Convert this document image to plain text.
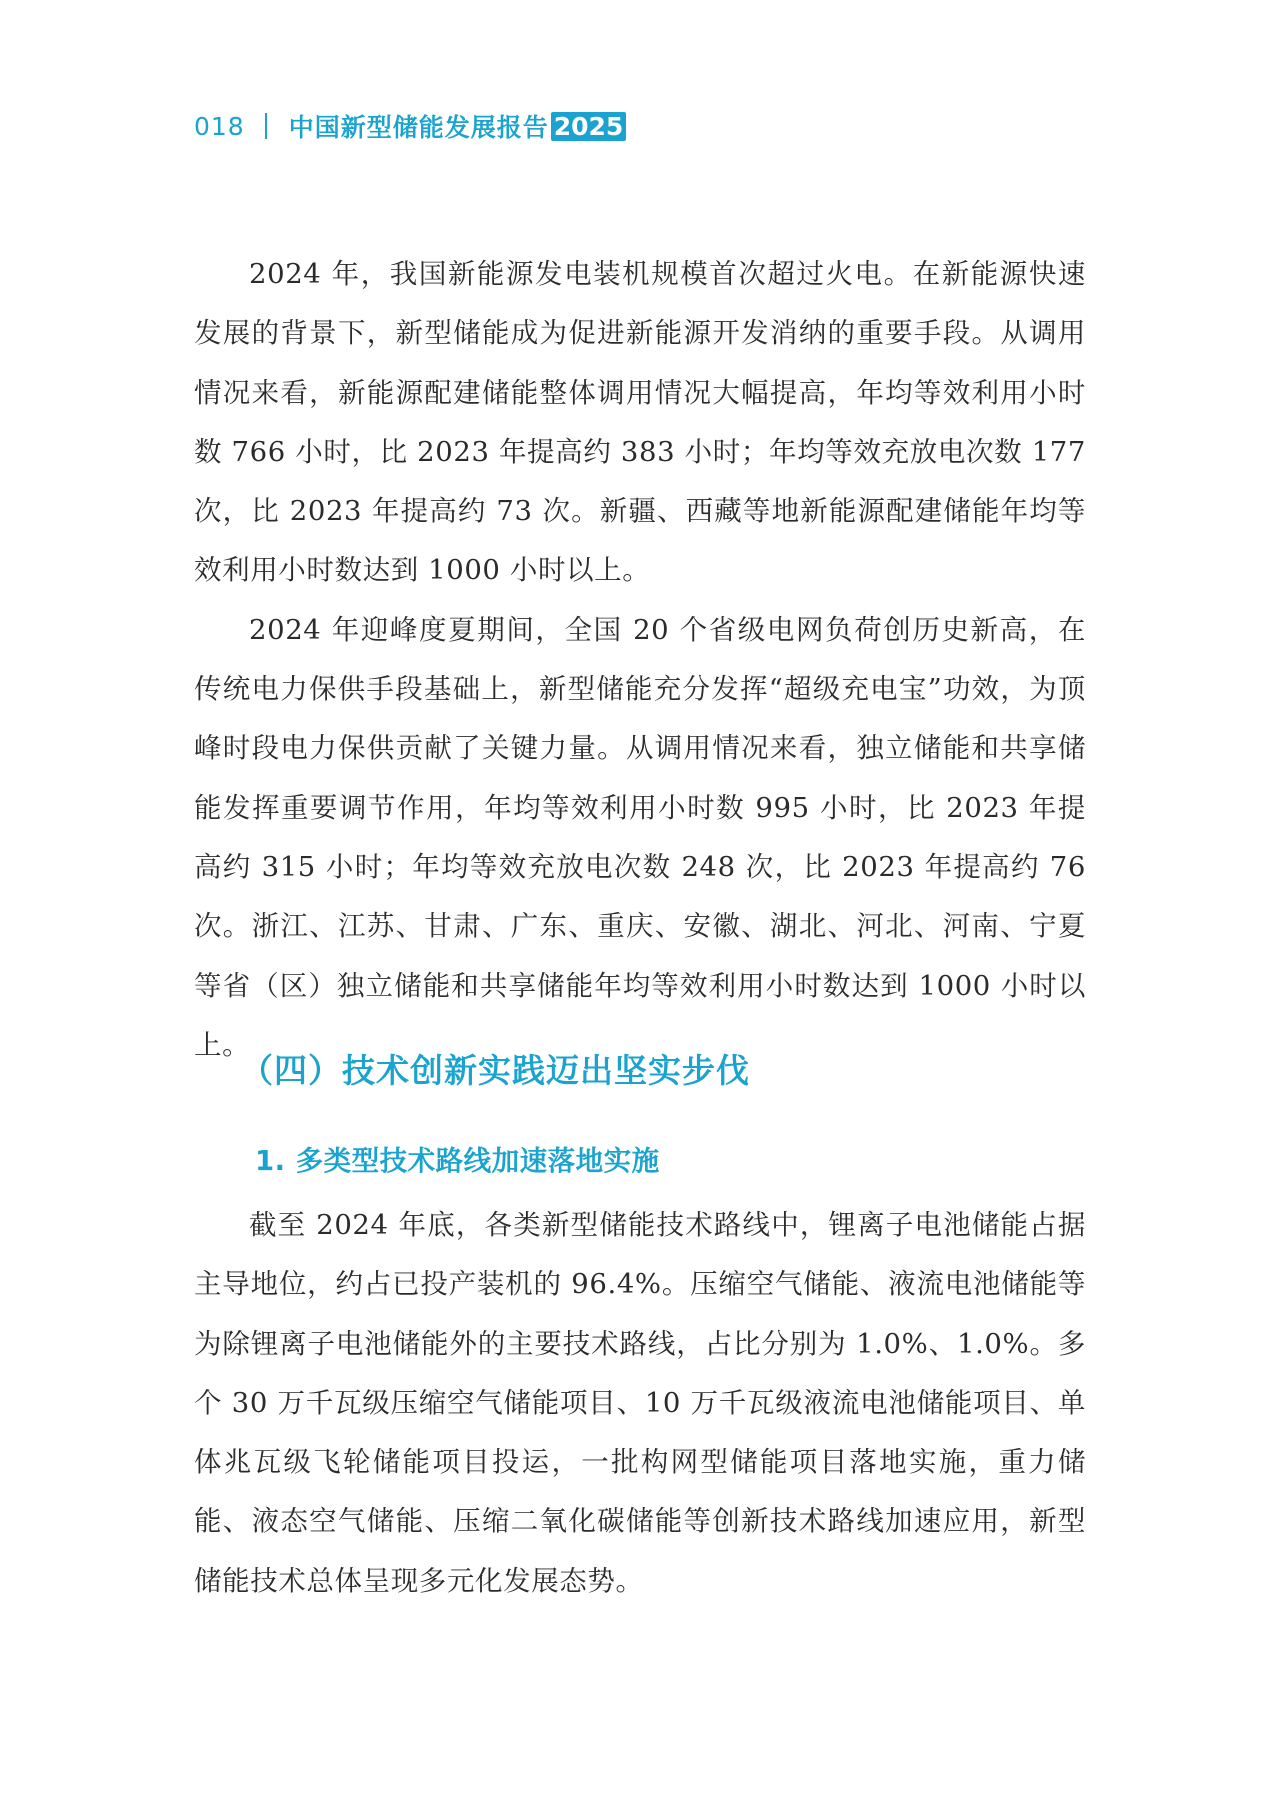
018 中国新型储能发展报告 2025

2024 年，我国新能源发电装机规模首次超过火电。在新能源快速发展的背景下，新型储能成为促进新能源开发消纳的重要手段。从调用情况来看，新能源配建储能整体调用情况大幅提高，年均等效利用小时数 766 小时，比 2023 年提高约 383 小时；年均等效充放电次数 177 次，比 2023 年提高约 73 次。新疆、西藏等地新能源配建储能年均等效利用小时数达到 1000 小时以上。

2024 年迎峰度夏期间，全国 20 个省级电网负荷创历史新高，在传统电力保供手段基础上，新型储能充分发挥“超级充电宝”功效，为顶峰时段电力保供贡献了关键力量。从调用情况来看，独立储能和共享储能发挥重要调节作用，年均等效利用小时数 995 小时，比 2023 年提高约 315 小时；年均等效充放电次数 248 次，比 2023 年提高约 76 次。浙江、江苏、甘肃、广东、重庆、安徽、湖北、河北、河南、宁夏等省（区）独立储能和共享储能年均等效利用小时数达到 1000 小时以上。

（四）技术创新实践迈出坚实步伐
1. 多类型技术路线加速落地实施

截至 2024 年底，各类新型储能技术路线中，锂离子电池储能占据主导地位，约占已投产装机的 96.4%。压缩空气储能、液流电池储能等为除锂离子电池储能外的主要技术路线，占比分别为 1.0%、1.0%。多个 30 万千瓦级压缩空气储能项目、10 万千瓦级液流电池储能项目、单体兆瓦级飞轮储能项目投运，一批构网型储能项目落地实施，重力储能、液态空气储能、压缩二氧化碳储能等创新技术路线加速应用，新型储能技术总体呈现多元化发展态势。
